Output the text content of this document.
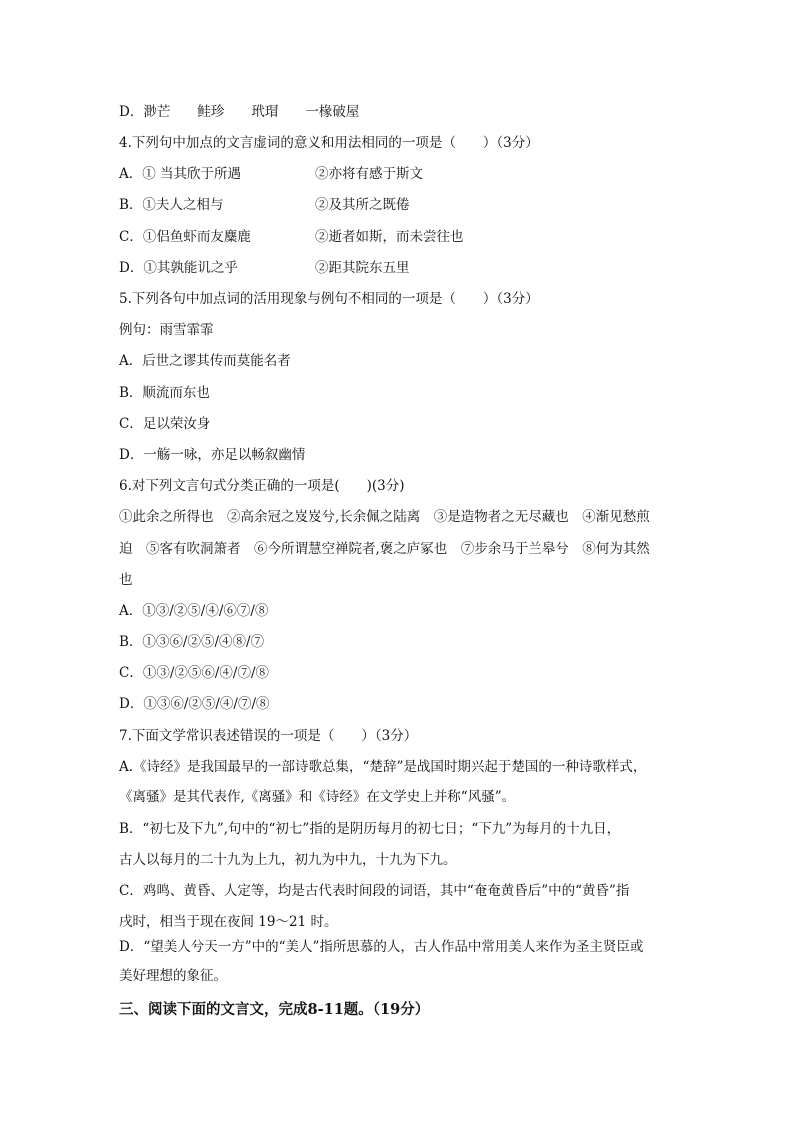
D．渺芒　　鲑珍　　玳瑁　　一椽破屋
4.下列句中加点的文言虚词的意义和用法相同的一项是（　　）（3分）
A．① 当其欣于所遇	②亦将有感于斯文
B．①夫人之相与	②及其所之既倦
C．①侣鱼虾而友麋鹿	②逝者如斯，而未尝往也
D．①其孰能讥之乎	②距其院东五里
5.下列各句中加点词的活用现象与例句不相同的一项是（　　）（3分）
例句：雨雪霏霏
A．后世之谬其传而莫能名者
B．顺流而东也
C．足以荣汝身
D．一觞一咏，亦足以畅叙幽情
6.对下列文言句式分类正确的一项是(　　)(3分)
①此余之所得也　②高余冠之岌岌兮,长余佩之陆离　③是造物者之无尽藏也　④渐见愁煎
迫　⑤客有吹洞箫者　⑥今所谓慧空禅院者,褒之庐冢也　⑦步余马于兰皋兮　⑧何为其然
也
A．①③/②⑤/④/⑥⑦/⑧
B．①③⑥/②⑤/④⑧/⑦
C．①③/②⑤⑥/④/⑦/⑧
D．①③⑥/②⑤/④/⑦/⑧
7.下面文学常识表述错误的一项是（　　）（3分）
A.《诗经》是我国最早的一部诗歌总集，“楚辞”是战国时期兴起于楚国的一种诗歌样式，
《离骚》是其代表作,《离骚》和《诗经》在文学史上并称“风骚”。
B．“初七及下九”,句中的“初七”指的是阴历每月的初七日；“下九”为每月的十九日，
古人以每月的二十九为上九，初九为中九，十九为下九。
C．鸡鸣、黄昏、人定等，均是古代表时间段的词语，其中“奄奄黄昏后”中的“黄昏”指
戌时，相当于现在夜间 19～21 时。
D．“望美人兮天一方”中的“美人”指所思慕的人，古人作品中常用美人来作为圣主贤臣或
美好理想的象征。
三、阅读下面的文言文，完成8-11题。（19分）
